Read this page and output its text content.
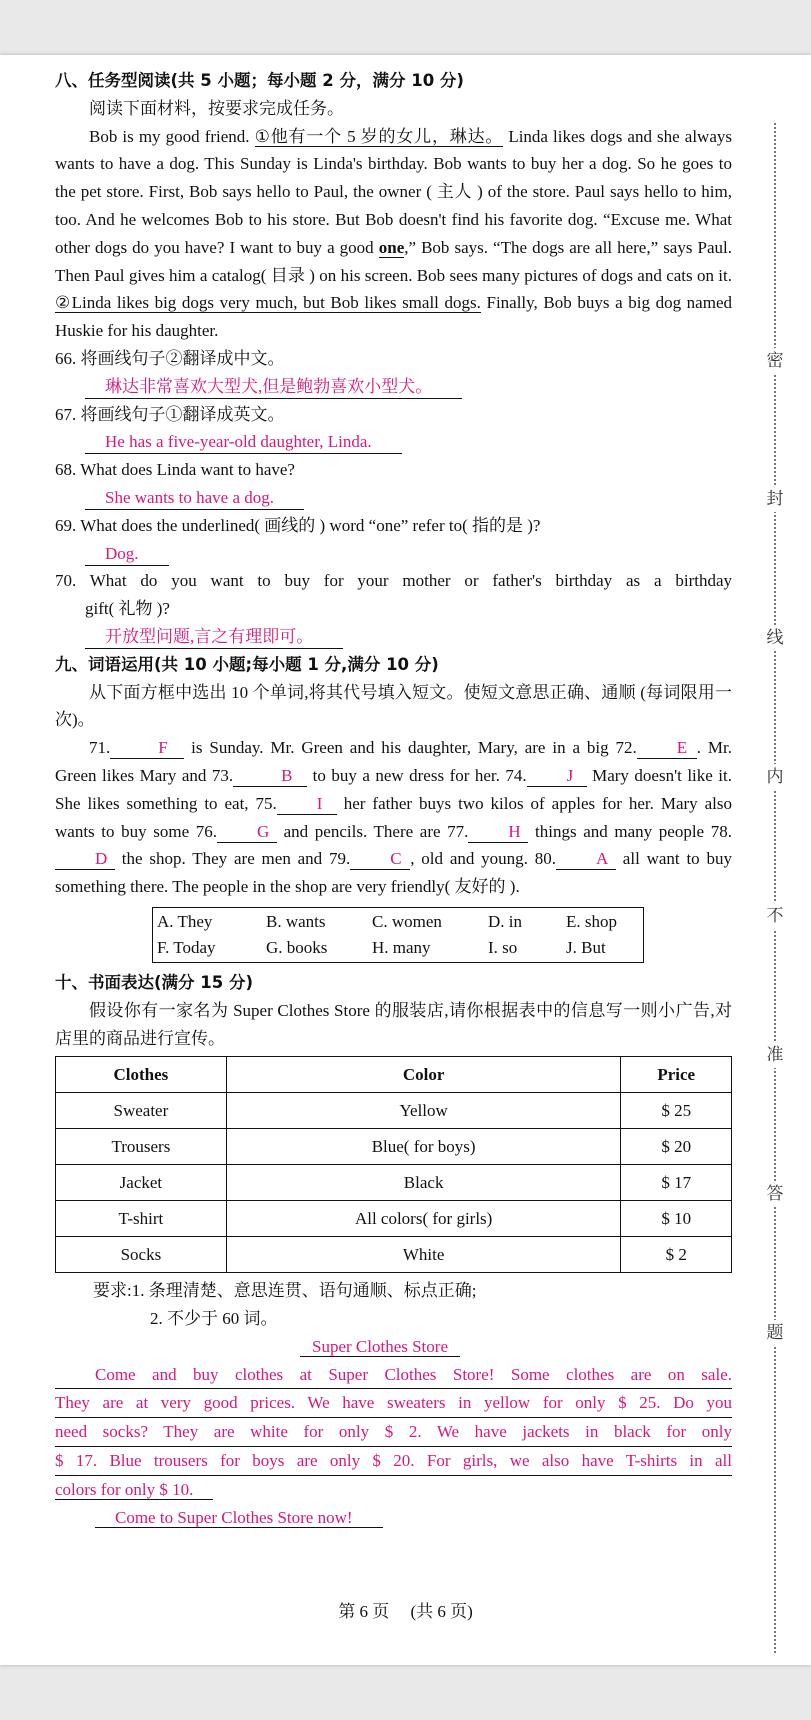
八、任务型阅读(共 5 小题；每小题 2 分，满分 10 分)

阅读下面材料，按要求完成任务。

Bob is my good friend. ①他有一个 5 岁的女儿，琳达。 Linda likes dogs and she always wants to have a dog. This Sunday is Linda's birthday. Bob wants to buy her a dog. So he goes to the pet store. First, Bob says hello to Paul, the owner ( 主人 ) of the store. Paul says hello to him, too. And he welcomes Bob to his store. But Bob doesn't find his favorite dog. “Excuse me. What other dogs do you have? I want to buy a good one,” Bob says. “The dogs are all here,” says Paul. Then Paul gives him a catalog( 目录 ) on his screen. Bob sees many pictures of dogs and cats on it. ②Linda likes big dogs very much, but Bob likes small dogs. Finally, Bob buys a big dog named Huskie for his daughter.

66. 将画线句子②翻译成中文。
琳达非常喜欢大型犬,但是鲍勃喜欢小型犬。
67. 将画线句子①翻译成英文。
He has a five-year-old daughter, Linda.
68. What does Linda want to have?
She wants to have a dog.
69. What does the underlined( 画线的 ) word “one” refer to( 指的是 )?
Dog.
70. What do you want to buy for your mother or father's birthday as a birthday
gift( 礼物 )?
开放型问题,言之有理即可。
九、词语运用(共 10 小题;每小题 1 分,满分 10 分)

从下面方框中选出 10 个单词,将其代号填入短文。使短文意思正确、通顺 (每词限用一次)。

71.	F is Sunday. Mr. Green and his daughter, Mary, are in a big 72. E . Mr. Green likes Mary and 73.	B to buy a new dress for her. 74. J Mary doesn't like it. She likes something to eat, 75. I her father buys two kilos of apples for her. Mary also wants to buy some 76. G and pencils. There are 77. H things and many people 78.D the shop. They are men and 79. C , old and young. 80. A all want to buy something there. The people in the shop are very friendly( 友好的 ).

A. They	B. wants	C. women	D. in	E. shop
F. Today	G. books	H. many	I. so	J. But
十、书面表达(满分 15 分)

假设你有一家名为 Super Clothes Store 的服装店,请你根据表中的信息写一则小广告,对店里的商品进行宣传。

Clothes	Color	Price
Sweater	Yellow	$ 25
Trousers	Blue( for boys)	$ 20
Jacket	Black	$ 17
T-shirt	All colors( for girls)	$ 10
Socks	White	$ 2
要求:1. 条理清楚、意思连贯、语句通顺、标点正确;
2. 不少于 60 词。
Super Clothes Store
Come and buy clothes at Super Clothes Store! Some clothes are on sale.
They are at very good prices. We have sweaters in yellow for only $ 25. Do you
need socks? They are white for only $ 2. We have jackets in black for only
$ 17. Blue trousers for boys are only $ 20. For girls, we also have T-shirts in all
colors for only $ 10.
Come to Super Clothes Store now!
密
封
线
内
不
准
答
题
第 6 页 　(共 6 页)
